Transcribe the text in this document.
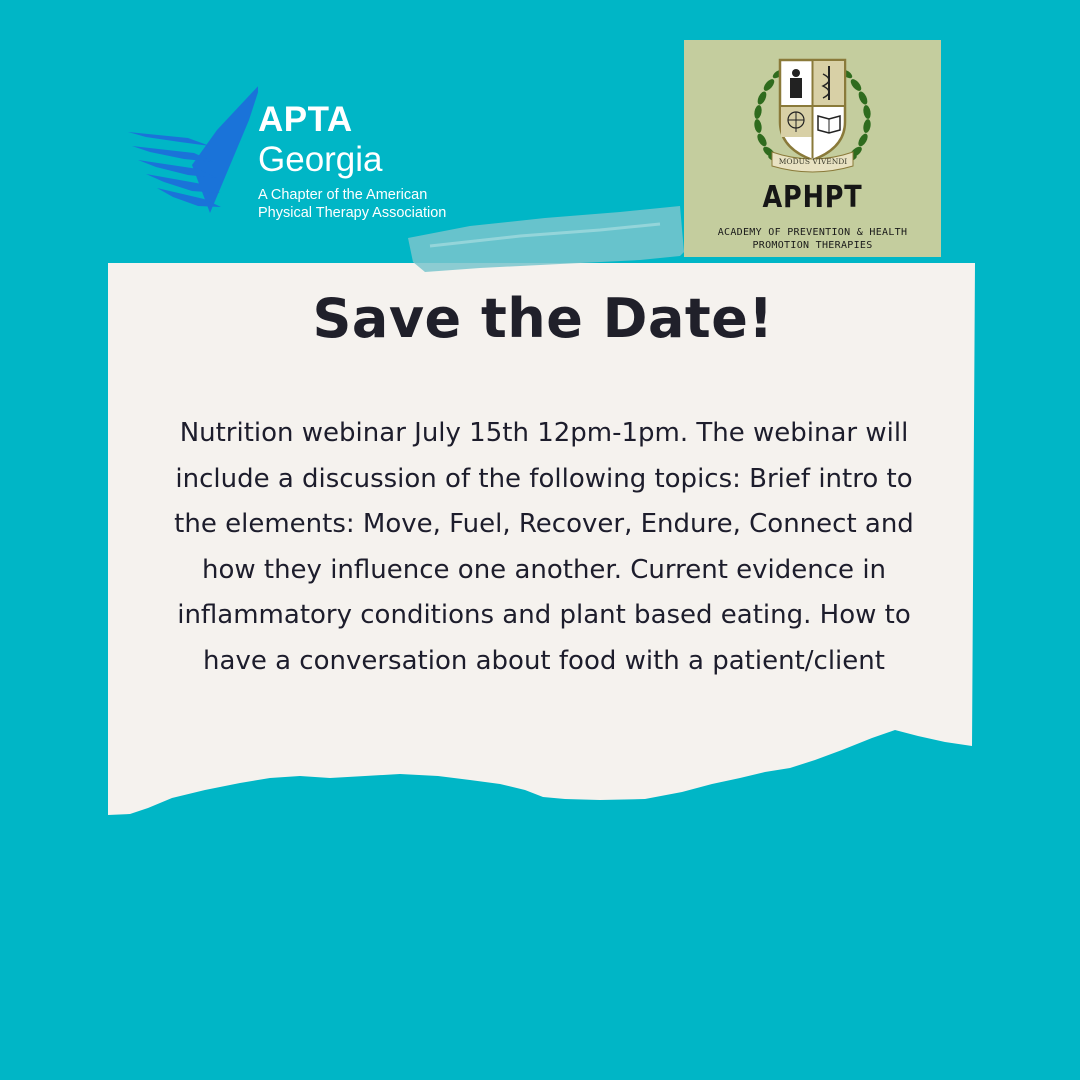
APTA
Georgia
A Chapter of the American
Physical Therapy Association
MODUS VIVENDI
APHPT
ACADEMY OF PREVENTION & HEALTH
PROMOTION THERAPIES
Save the Date!
Nutrition webinar July 15th 12pm-1pm. The webinar will include a discussion of the following topics: Brief intro to the elements: Move, Fuel, Recover, Endure, Connect and how they influence one another. Current evidence in inflammatory conditions and plant based eating. How to have a conversation about food with a patient/client
